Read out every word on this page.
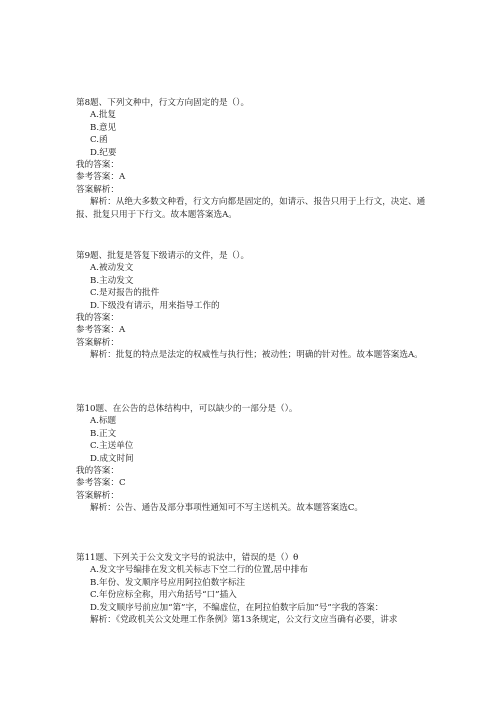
第8题、下列文种中，行文方向固定的是（）。
A.批复
B.意见
C.函
D.纪要
我的答案：
参考答案：A
答案解析：
解析：从绝大多数文种看，行文方向都是固定的，如请示、报告只用于上行文，决定、通报、批复只用于下行文。故本题答案选A。
第9题、批复是答复下级请示的文件，是（）。
A.被动发文
B.主动发文
C.是对报告的批件
D.下级没有请示，用来指导工作的
我的答案：
参考答案：A
答案解析：
解析：批复的特点是法定的权威性与执行性；被动性；明确的针对性。故本题答案选A。
第10题、在公告的总体结构中，可以缺少的一部分是（）。
A.标题
B.正文
C.主送单位
D.成文时间
我的答案：
参考答案：C
答案解析：
解析：公告、通告及部分事项性通知可不写主送机关。故本题答案选C。
第11题、下列关于公文发文字号的说法中，错误的是（）θ
A.发文字号编排在发文机关标志下空二行的位置,居中排布
B.年份、发文顺序号应用阿拉伯数字标注
C.年份应标全称，用六角括号“口”插入
D.发文顺序号前应加“第”字，不编虚位，在阿拉伯数字后加“号”字我的答案：
解析：《党政机关公文处理工作条例》第13条规定，公文行文应当确有必要，讲求
